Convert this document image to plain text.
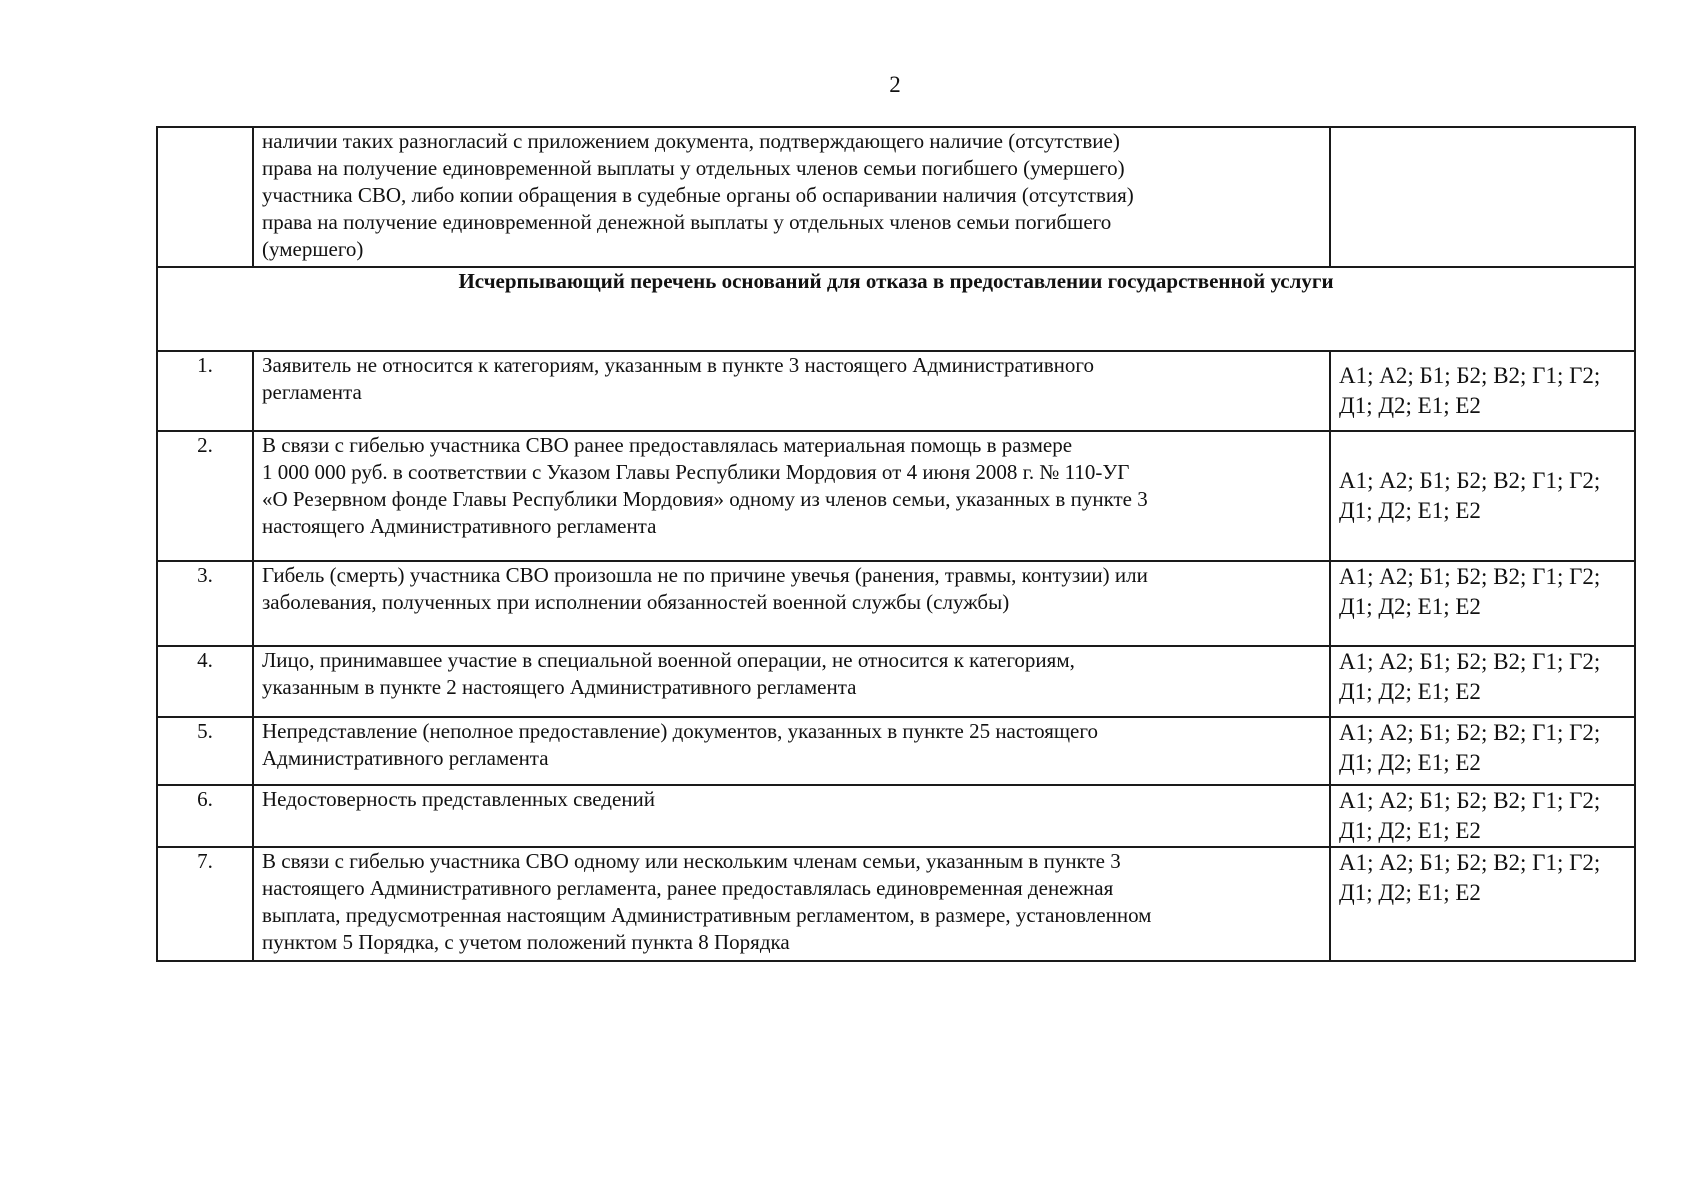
2
	наличии таких разногласий с приложением документа, подтверждающего наличие (отсутствие)
права на получение единовременной выплаты у отдельных членов семьи погибшего (умершего)
участника СВО, либо копии обращения в судебные органы об оспаривании наличия (отсутствия)
права на получение единовременной денежной выплаты у отдельных членов семьи погибшего
(умершего)	
Исчерпывающий перечень оснований для отказа в предоставлении государственной услуги		
1.	Заявитель не относится к категориям, указанным в пункте 3 настоящего Административного
регламента	А1; А2; Б1; Б2; В2; Г1; Г2;
Д1; Д2; Е1; Е2
2.	В связи с гибелью участника СВО ранее предоставлялась материальная помощь в размере
1 000 000 руб. в соответствии с Указом Главы Республики Мордовия от 4 июня 2008 г. № 110-УГ
«О Резервном фонде Главы Республики Мордовия» одному из членов семьи, указанных в пункте 3
настоящего Административного регламента	А1; А2; Б1; Б2; В2; Г1; Г2;
Д1; Д2; Е1; Е2
3.	Гибель (смерть) участника СВО произошла не по причине увечья (ранения, травмы, контузии) или
заболевания, полученных при исполнении обязанностей военной службы (службы)	А1; А2; Б1; Б2; В2; Г1; Г2;
Д1; Д2; Е1; Е2
4.	Лицо, принимавшее участие в специальной военной операции, не относится к категориям,
указанным в пункте 2 настоящего Административного регламента	А1; А2; Б1; Б2; В2; Г1; Г2;
Д1; Д2; Е1; Е2
5.	Непредставление (неполное предоставление) документов, указанных в пункте 25 настоящего
Административного регламента	А1; А2; Б1; Б2; В2; Г1; Г2;
Д1; Д2; Е1; Е2
6.	Недостоверность представленных сведений	А1; А2; Б1; Б2; В2; Г1; Г2;
Д1; Д2; Е1; Е2
7.	В связи с гибелью участника СВО одному или нескольким членам семьи, указанным в пункте 3
настоящего Административного регламента, ранее предоставлялась единовременная денежная
выплата, предусмотренная настоящим Административным регламентом, в размере, установленном
пунктом 5 Порядка, с учетом положений пункта 8 Порядка	А1; А2; Б1; Б2; В2; Г1; Г2;
Д1; Д2; Е1; Е2
